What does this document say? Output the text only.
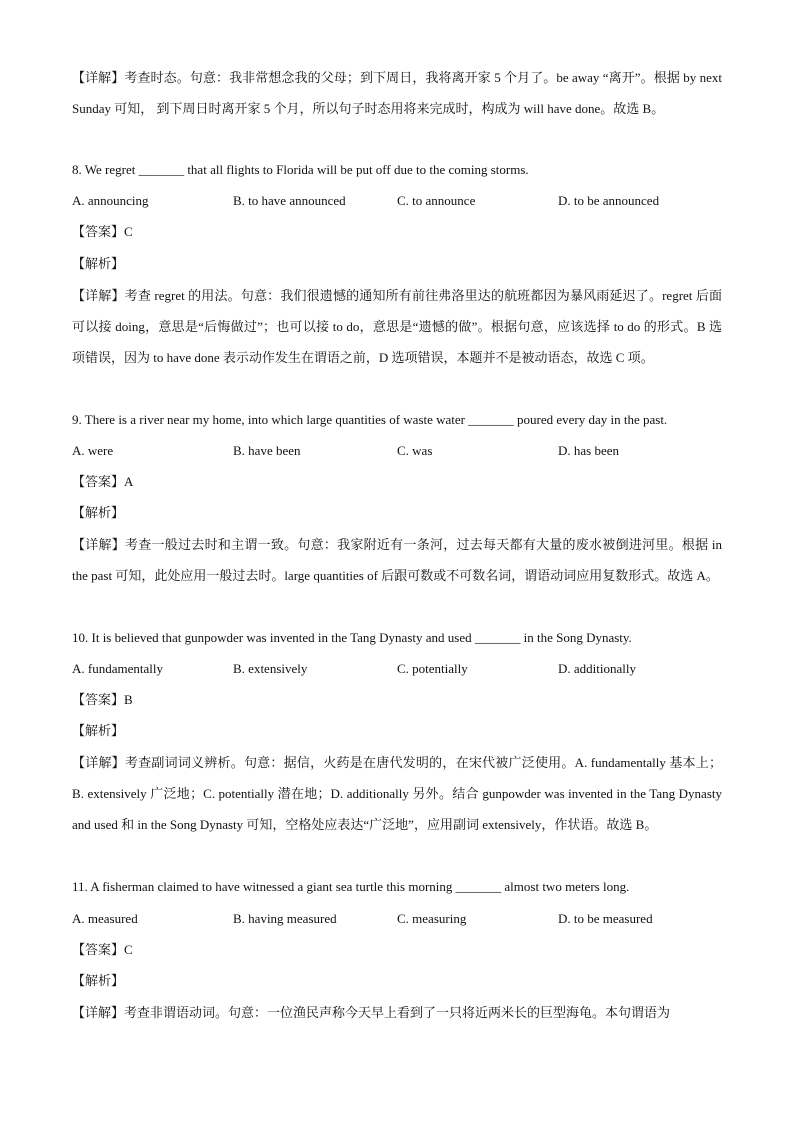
【详解】考查时态。句意：我非常想念我的父母；到下周日，我将离开家 5 个月了。be away “离开”。根据 by next Sunday 可知， 到下周日时离开家 5 个月，所以句子时态用将来完成时，构成为 will have done。故选 B。
8. We regret _______ that all flights to Florida will be put off due to the coming storms.
A. announcing	B. to have announced	C. to announce	D. to be announced
【答案】C
【解析】
【详解】考查 regret 的用法。句意：我们很遗憾的通知所有前往弗洛里达的航班都因为暴风雨延迟了。regret 后面可以接 doing，意思是“后悔做过”；也可以接 to do，意思是“遗憾的做”。根据句意，应该选择 to do 的形式。B 选项错误，因为 to have done 表示动作发生在谓语之前，D 选项错误，本题并不是被动语态，故选 C 项。
9. There is a river near my home, into which large quantities of waste water _______ poured every day in the past.
A. were	B. have been	C. was	D. has been
【答案】A
【解析】
【详解】考查一般过去时和主谓一致。句意：我家附近有一条河，过去每天都有大量的废水被倒进河里。根据 in the past 可知，此处应用一般过去时。large quantities of 后跟可数或不可数名词，谓语动词应用复数形式。故选 A。
10. It is believed that gunpowder was invented in the Tang Dynasty and used _______ in the Song Dynasty.
A. fundamentally	B. extensively	C. potentially	D. additionally
【答案】B
【解析】
【详解】考查副词词义辨析。句意：据信，火药是在唐代发明的，在宋代被广泛使用。A. fundamentally 基本上；B. extensively 广泛地；C. potentially 潜在地；D. additionally 另外。结合 gunpowder was invented in the Tang Dynasty and used 和 in the Song Dynasty 可知，空格处应表达“广泛地”，应用副词 extensively，作状语。故选 B。
11. A fisherman claimed to have witnessed a giant sea turtle this morning _______ almost two meters long.
A. measured	B. having measured	C. measuring	D. to be measured
【答案】C
【解析】
【详解】考查非谓语动词。句意：一位渔民声称今天早上看到了一只将近两米长的巨型海龟。本句谓语为
